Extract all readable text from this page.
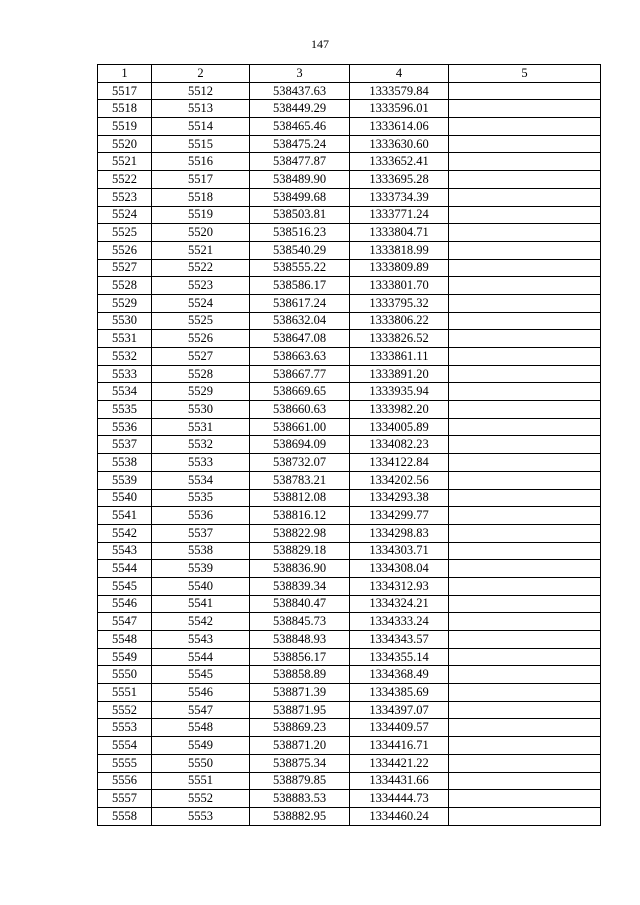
147
1	2	3	4	5
5517	5512	538437.63	1333579.84	
5518	5513	538449.29	1333596.01	
5519	5514	538465.46	1333614.06	
5520	5515	538475.24	1333630.60	
5521	5516	538477.87	1333652.41	
5522	5517	538489.90	1333695.28	
5523	5518	538499.68	1333734.39	
5524	5519	538503.81	1333771.24	
5525	5520	538516.23	1333804.71	
5526	5521	538540.29	1333818.99	
5527	5522	538555.22	1333809.89	
5528	5523	538586.17	1333801.70	
5529	5524	538617.24	1333795.32	
5530	5525	538632.04	1333806.22	
5531	5526	538647.08	1333826.52	
5532	5527	538663.63	1333861.11	
5533	5528	538667.77	1333891.20	
5534	5529	538669.65	1333935.94	
5535	5530	538660.63	1333982.20	
5536	5531	538661.00	1334005.89	
5537	5532	538694.09	1334082.23	
5538	5533	538732.07	1334122.84	
5539	5534	538783.21	1334202.56	
5540	5535	538812.08	1334293.38	
5541	5536	538816.12	1334299.77	
5542	5537	538822.98	1334298.83	
5543	5538	538829.18	1334303.71	
5544	5539	538836.90	1334308.04	
5545	5540	538839.34	1334312.93	
5546	5541	538840.47	1334324.21	
5547	5542	538845.73	1334333.24	
5548	5543	538848.93	1334343.57	
5549	5544	538856.17	1334355.14	
5550	5545	538858.89	1334368.49	
5551	5546	538871.39	1334385.69	
5552	5547	538871.95	1334397.07	
5553	5548	538869.23	1334409.57	
5554	5549	538871.20	1334416.71	
5555	5550	538875.34	1334421.22	
5556	5551	538879.85	1334431.66	
5557	5552	538883.53	1334444.73	
5558	5553	538882.95	1334460.24	
